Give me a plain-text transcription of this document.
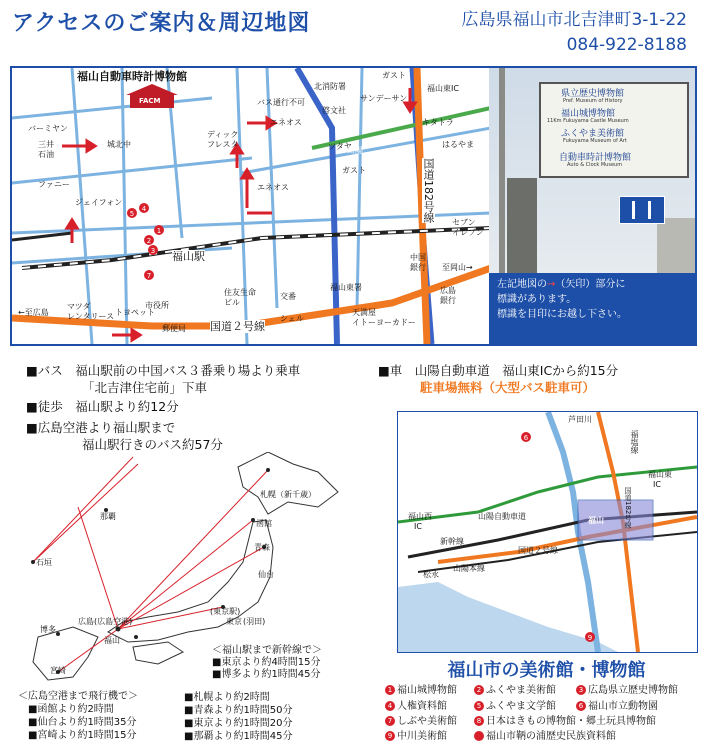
アクセスのご案内＆周辺地図	広島県福山市北吉津町3-1-22
084-922-8188
5
4
2
3
1
7
福山自動車時計博物館
FACM
バーミヤン
三井
石油
城北中
ファニー
ジェイフォン
北消防署
啓文社
バス通行不可
ディック
フレスタ
エネオス
エネオス
ガスト
ガスト
サンデーサン
福山東IC
キタトラ
はるやま
ツタヤ
山陽
国道182号線 セブン
イレブン
福山駅
天満屋
イトーヨーカドー
中国
銀行
広島
銀行
福山東署
←至広島
至岡山→
マツダ
レンタリース トヨペット
市役所
郵便局
住友生命
ビル
交番
シェル
国道２号線
県立歴史博物館
Pref. Museum of History
福山城博物館
11Km Fukuyama Castle Museum
ふくやま美術館
Fukuyama Museum of Art
自動車時計博物館
Auto & Clock Museum
左記地図の→（矢印）部分に
標識があります。
標識を目印にお越し下さい。
■バス　福山駅前の中国バス３番乗り場より乗車
「北吉津住宅前」下車
■徒歩　福山駅より約12分
■広島空港より福山駅まで
福山駅行きのバス約57分
■車　山陽自動車道　福山東ICから約15分
駐車場無料（大型バス駐車可）
那覇
石垣
札幌（新千歳）
函館
青森
仙台
(東京駅)
東京 (羽田)
博多
広島(広島空港)
福山
宮崎
＜福山駅まで新幹線で＞
■東京より約4時間15分
■博多より約1時間45分
＜広島空港まで飛行機で＞
■函館より約2時間
■仙台より約1時間35分
■宮崎より約1時間15分
■札幌より約2時間
■青森より約1時間50分
■東京より約1時間20分
■那覇より約1時間45分
6
9
芦田川
福塩線
福山東
IC
福山西
IC
山陽自動車道
新幹線
福山
国道２号線
山陽本線
国道182号線
松永
福山市の美術館・博物館
1 福山城博物館	2 ふくやま美術館	3 広島県立歴史博物館
4 人権資料館	5 ふくやま文学館	6 福山市立動物園
7 しぶや美術館	8 日本はきもの博物館・郷土玩具博物館
9 中川美術館	福山市鞆の浦歴史民族資料館
